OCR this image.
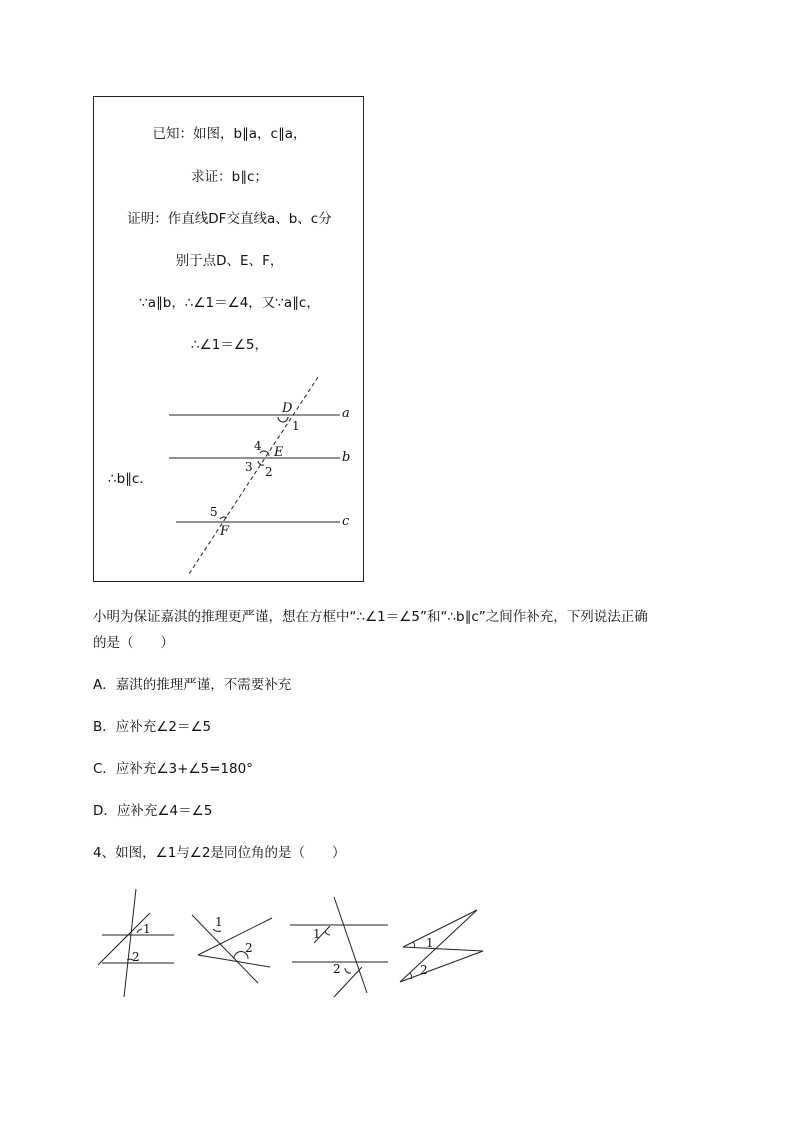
已知：如图，b∥a，c∥a，
求证：b∥c；
证明：作直线DF交直线a、b、c分
别于点D、E、F，
∵a∥b，∴∠1＝∠4，又∵a∥c，
∴∠1＝∠5，
∴b∥c．
D
E
F
a
b
c
1
2
3
4
5
小明为保证嘉淇的推理更严谨，想在方框中“∴∠1＝∠5”和“∴b∥c”之间作补充，下列说法正确
的是（　　）
A．嘉淇的推理严谨，不需要补充
B．应补充∠2＝∠5
C．应补充∠3+∠5=180°
D．应补充∠4＝∠5
4、如图，∠1与∠2是同位角的是（　　）
1
2
1
2
1
2
1
2
